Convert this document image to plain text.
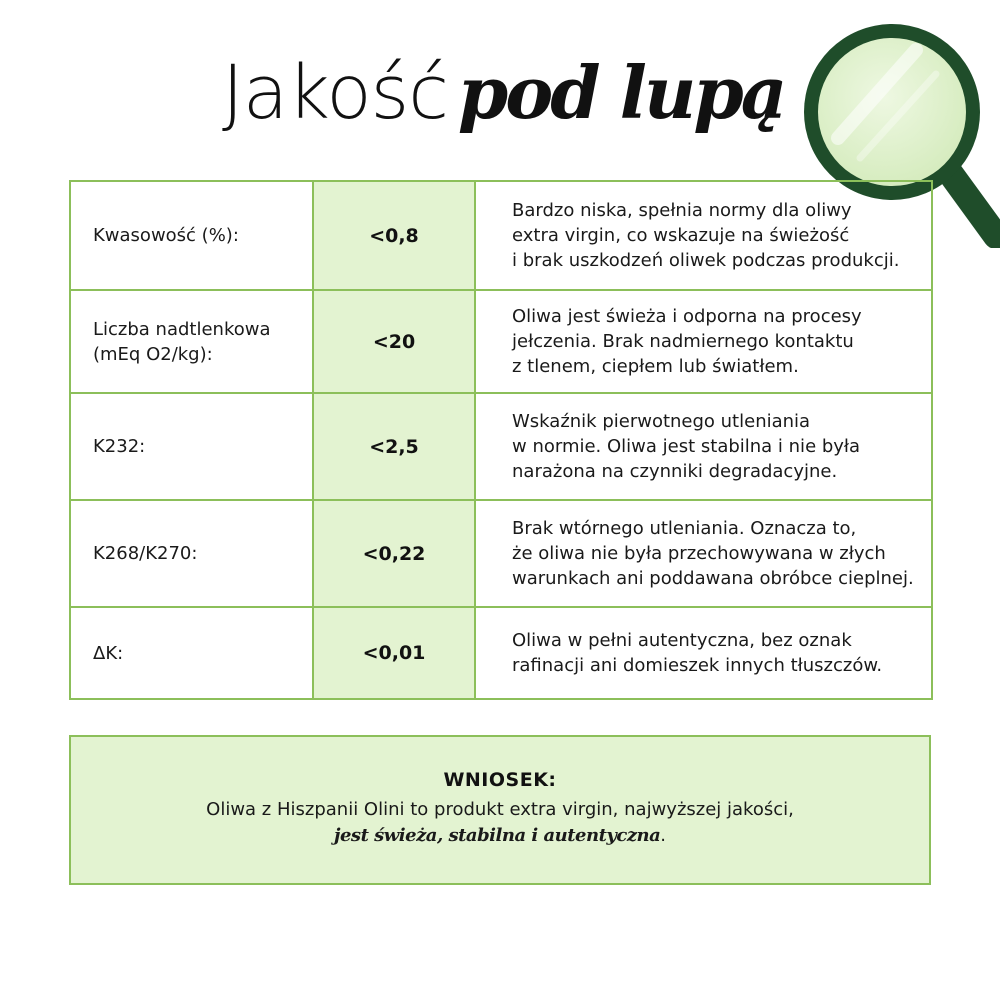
Jakość pod lupą
Kwasowość (%):	<0,8	Bardzo niska, spełnia normy dla oliwy
extra virgin, co wskazuje na świeżość
i brak uszkodzeń oliwek podczas produkcji.

Liczba nadtlenkowa (mEq O2/kg):	<20	Oliwa jest świeża i odporna na procesy
jełczenia. Brak nadmiernego kontaktu
z tlenem, ciepłem lub światłem.

K232:	<2,5	Wskaźnik pierwotnego utleniania
w normie. Oliwa jest stabilna i nie była
narażona na czynniki degradacyjne.

K268/K270:	<0,22	Brak wtórnego utleniania. Oznacza to,
że oliwa nie była przechowywana w złych
warunkach ani poddawana obróbce cieplnej.

ΔK:	<0,01	Oliwa w pełni autentyczna, bez oznak
rafinacji ani domieszek innych tłuszczów.
WNIOSEK:
Oliwa z Hiszpanii Olini to produkt extra virgin, najwyższej jakości,
jest świeża, stabilna i autentyczna.
